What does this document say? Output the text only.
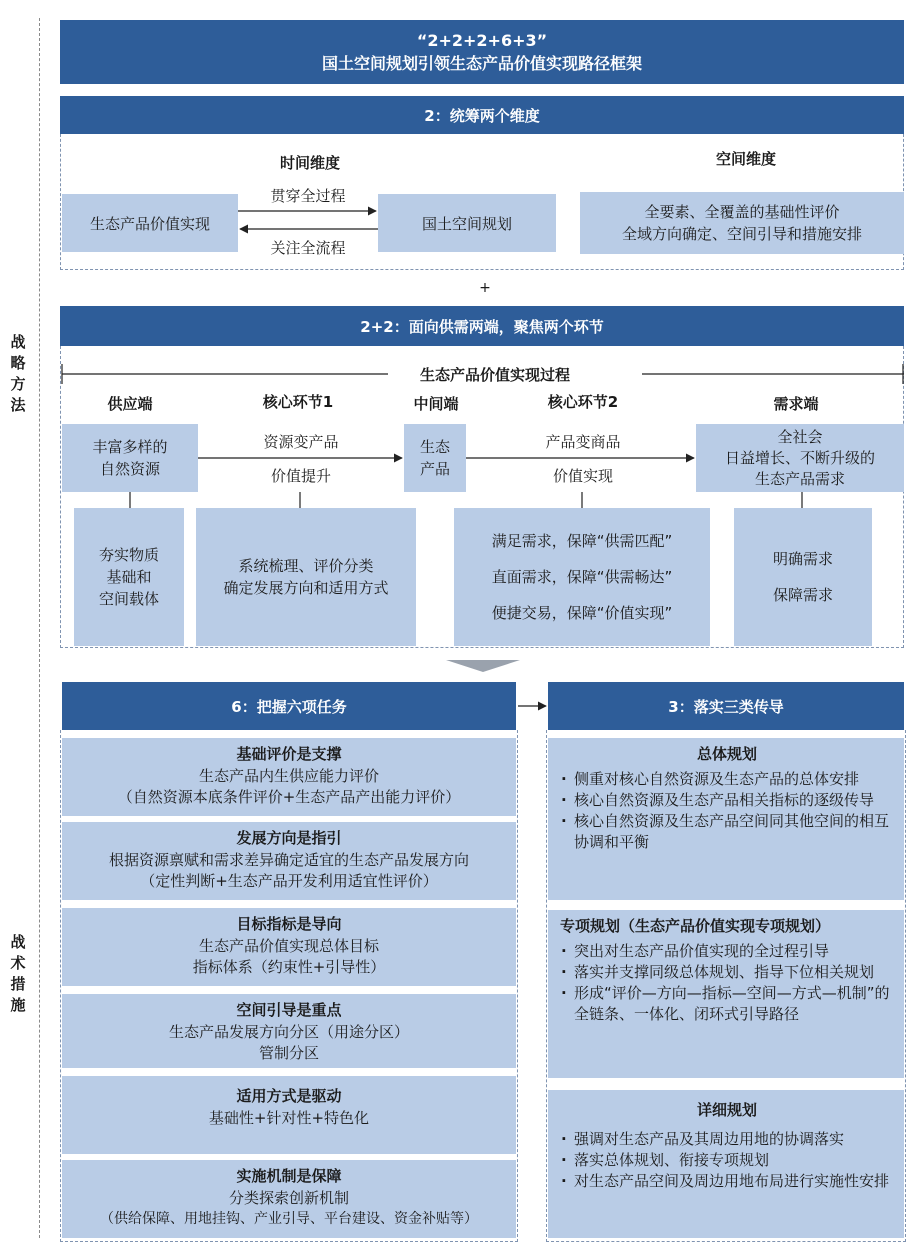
战
略
方
法
战
术
措
施
“2+2+2+6+3”
国土空间规划引领生态产品价值实现路径框架
2：统筹两个维度
时间维度
生态产品价值实现	国土空间规划
贯穿全过程
关注全流程
空间维度
全要素、全覆盖的基础性评价
全域方向确定、空间引导和措施安排
+
2+2：面向供需两端，聚焦两个环节
生态产品价值实现过程
供应端	核心环节1	中间端	核心环节2	需求端
丰富多样的
自然资源
资源变产品
价值提升
生态
产品
产品变商品
价值实现
全社会
日益增长、不断升级的
生态产品需求
夯实物质
基础和
空间载体
系统梳理、评价分类
确定发展方向和适用方式
满足需求，保障“供需匹配”
直面需求，保障“供需畅达”
便捷交易，保障“价值实现”
明确需求
保障需求
6：把握六项任务
基础评价是支撑
生态产品内生供应能力评价
（自然资源本底条件评价+生态产品产出能力评价）
发展方向是指引
根据资源禀赋和需求差异确定适宜的生态产品发展方向
（定性判断+生态产品开发利用适宜性评价）
目标指标是导向
生态产品价值实现总体目标
指标体系（约束性+引导性）
空间引导是重点
生态产品发展方向分区（用途分区）
管制分区
适用方式是驱动
基础性+针对性+特色化
实施机制是保障
分类探索创新机制
（供给保障、用地挂钩、产业引导、平台建设、资金补贴等）
3：落实三类传导
总体规划
· 侧重对核心自然资源及生态产品的总体安排
· 核心自然资源及生态产品相关指标的逐级传导
· 核心自然资源及生态产品空间同其他空间的相互协调和平衡
专项规划（生态产品价值实现专项规划）
· 突出对生态产品价值实现的全过程引导
· 落实并支撑同级总体规划、指导下位相关规划
· 形成“评价—方向—指标—空间—方式—机制”的全链条、一体化、闭环式引导路径
详细规划
· 强调对生态产品及其周边用地的协调落实
· 落实总体规划、衔接专项规划
· 对生态产品空间及周边用地布局进行实施性安排
